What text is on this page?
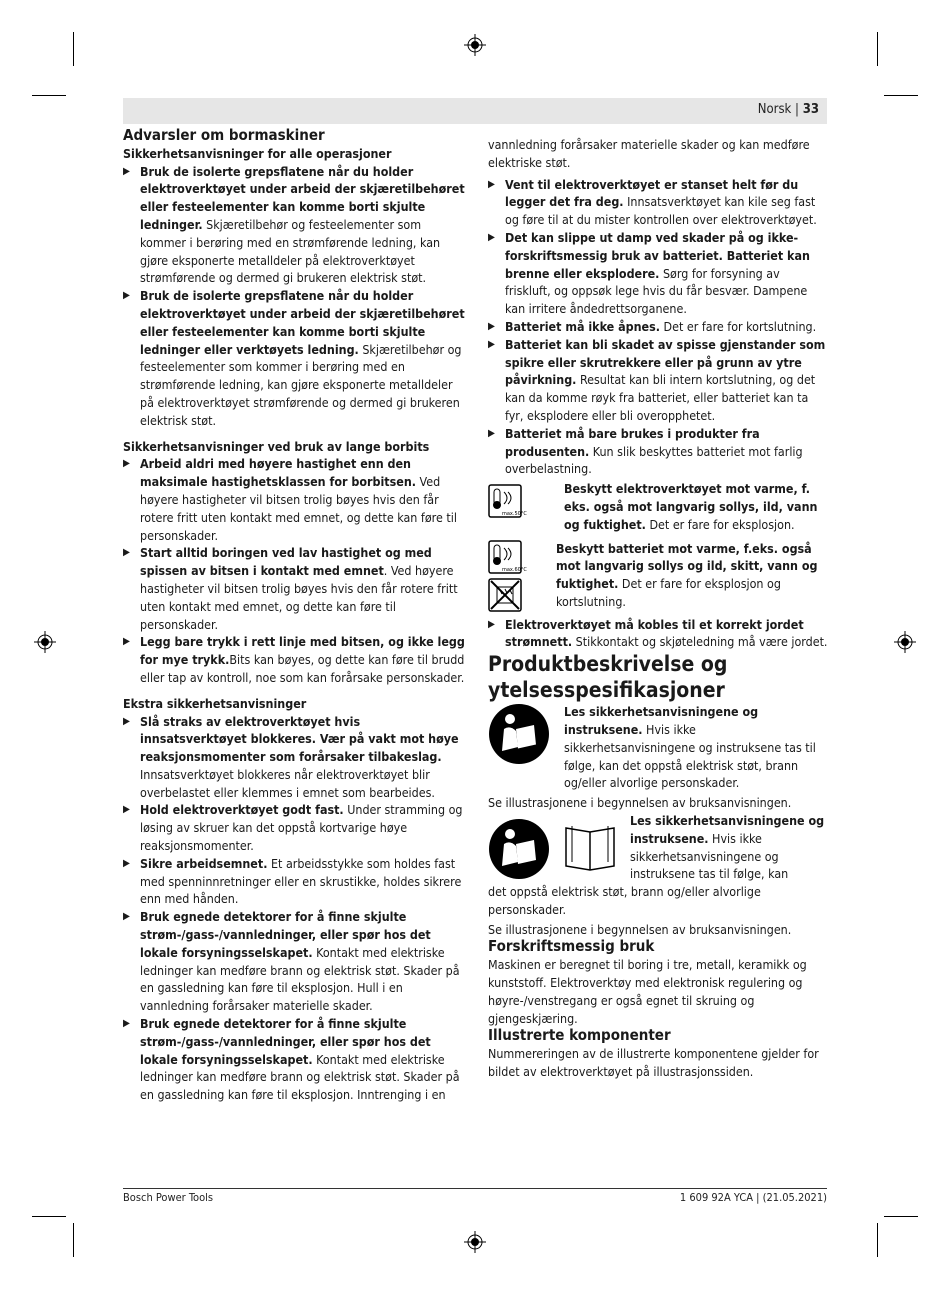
Norsk | 33

Advarsler om bormaskiner

Sikkerhetsanvisninger for alle operasjoner

▶ Bruk de isolerte grepsflatene når du holder elektroverktøyet under arbeid der skjæretilbehøret eller festeelementer kan komme borti skjulte ledninger. Skjæretilbehør og festeelementer som kommer i berøring med en strømførende ledning, kan gjøre eksponerte metalldeler på elektroverktøyet strømførende og dermed gi brukeren elektrisk støt.

▶ Bruk de isolerte grepsflatene når du holder elektroverktøyet under arbeid der skjæretilbehøret eller festeelementer kan komme borti skjulte ledninger eller verktøyets ledning. Skjæretilbehør og festeelementer som kommer i berøring med en strømførende ledning, kan gjøre eksponerte metalldeler på elektroverktøyet strømførende og dermed gi brukeren elektrisk støt.

Sikkerhetsanvisninger ved bruk av lange borbits

▶ Arbeid aldri med høyere hastighet enn den maksimale hastighetsklassen for borbitsen. Ved høyere hastigheter vil bitsen trolig bøyes hvis den får rotere fritt uten kontakt med emnet, og dette kan føre til personskader.

▶ Start alltid boringen ved lav hastighet og med spissen av bitsen i kontakt med emnet. Ved høyere hastigheter vil bitsen trolig bøyes hvis den får rotere fritt uten kontakt med emnet, og dette kan føre til personskader.

▶ Legg bare trykk i rett linje med bitsen, og ikke legg for mye trykk.Bits kan bøyes, og dette kan føre til brudd eller tap av kontroll, noe som kan forårsake personskader.

Ekstra sikkerhetsanvisninger

▶ Slå straks av elektroverktøyet hvis innsatsverktøyet blokkeres. Vær på vakt mot høye reaksjonsmomenter som forårsaker tilbakeslag. Innsatsverktøyet blokkeres når elektroverktøyet blir overbelastet eller klemmes i emnet som bearbeides.

▶ Hold elektroverktøyet godt fast. Under stramming og løsing av skruer kan det oppstå kortvarige høye reaksjonsmomenter.

▶ Sikre arbeidsemnet. Et arbeidsstykke som holdes fast med spenninnretninger eller en skrustikke, holdes sikrere enn med hånden.

▶ Bruk egnede detektorer for å finne skjulte strøm-/gass-/vannledninger, eller spør hos det lokale forsyningsselskapet. Kontakt med elektriske ledninger kan medføre brann og elektrisk støt. Skader på en gassledning kan føre til eksplosjon. Hull i en vannledning forårsaker materielle skader.

▶ Bruk egnede detektorer for å finne skjulte strøm-/gass-/vannledninger, eller spør hos det lokale forsyningsselskapet. Kontakt med elektriske ledninger kan medføre brann og elektrisk støt. Skader på en gassledning kan føre til eksplosjon. Inntrenging i en

vannledning forårsaker materielle skader og kan medføre elektriske støt.

▶ Vent til elektroverktøyet er stanset helt før du legger det fra deg. Innsatsverktøyet kan kile seg fast og føre til at du mister kontrollen over elektroverktøyet.

▶ Det kan slippe ut damp ved skader på og ikke-forskriftsmessig bruk av batteriet. Batteriet kan brenne eller eksplodere. Sørg for forsyning av friskluft, og oppsøk lege hvis du får besvær. Dampene kan irritere åndedrettsorganene.

▶ Batteriet må ikke åpnes. Det er fare for kortslutning.

▶ Batteriet kan bli skadet av spisse gjenstander som spikre eller skrutrekkere eller på grunn av ytre påvirkning. Resultat kan bli intern kortslutning, og det kan da komme røyk fra batteriet, eller batteriet kan ta fyr, eksplodere eller bli overopphetet.

▶ Batteriet må bare brukes i produkter fra produsenten. Kun slik beskyttes batteriet mot farlig overbelastning.

max.50°C

Beskytt elektroverktøyet mot varme, f. eks. også mot langvarig sollys, ild, vann og fuktighet. Det er fare for eksplosjon.

max.60°C

Beskytt batteriet mot varme, f.eks. også mot langvarig sollys og ild, skitt, vann og fuktighet. Det er fare for eksplosjon og kortslutning.

▶ Elektroverktøyet må kobles til et korrekt jordet strømnett. Stikkontakt og skjøteledning må være jordet.

Produktbeskrivelse og ytelsesspesifikasjoner

Les sikkerhetsanvisningene og instruksene. Hvis ikke sikkerhetsanvisningene og instruksene tas til følge, kan det oppstå elektrisk støt, brann og/eller alvorlige personskader.

Se illustrasjonene i begynnelsen av bruksanvisningen.

Les sikkerhetsanvisningene og instruksene. Hvis ikke sikkerhetsanvisningene og instruksene tas til følge, kan

det oppstå elektrisk støt, brann og/eller alvorlige personskader.

Se illustrasjonene i begynnelsen av bruksanvisningen.

Forskriftsmessig bruk

Maskinen er beregnet til boring i tre, metall, keramikk og kunststoff. Elektroverktøy med elektronisk regulering og høyre-/venstregang er også egnet til skruing og gjengeskjæring.

Illustrerte komponenter

Nummereringen av de illustrerte komponentene gjelder for bildet av elektroverktøyet på illustrasjonssiden.

Bosch Power Tools	1 609 92A YCA | (21.05.2021)
